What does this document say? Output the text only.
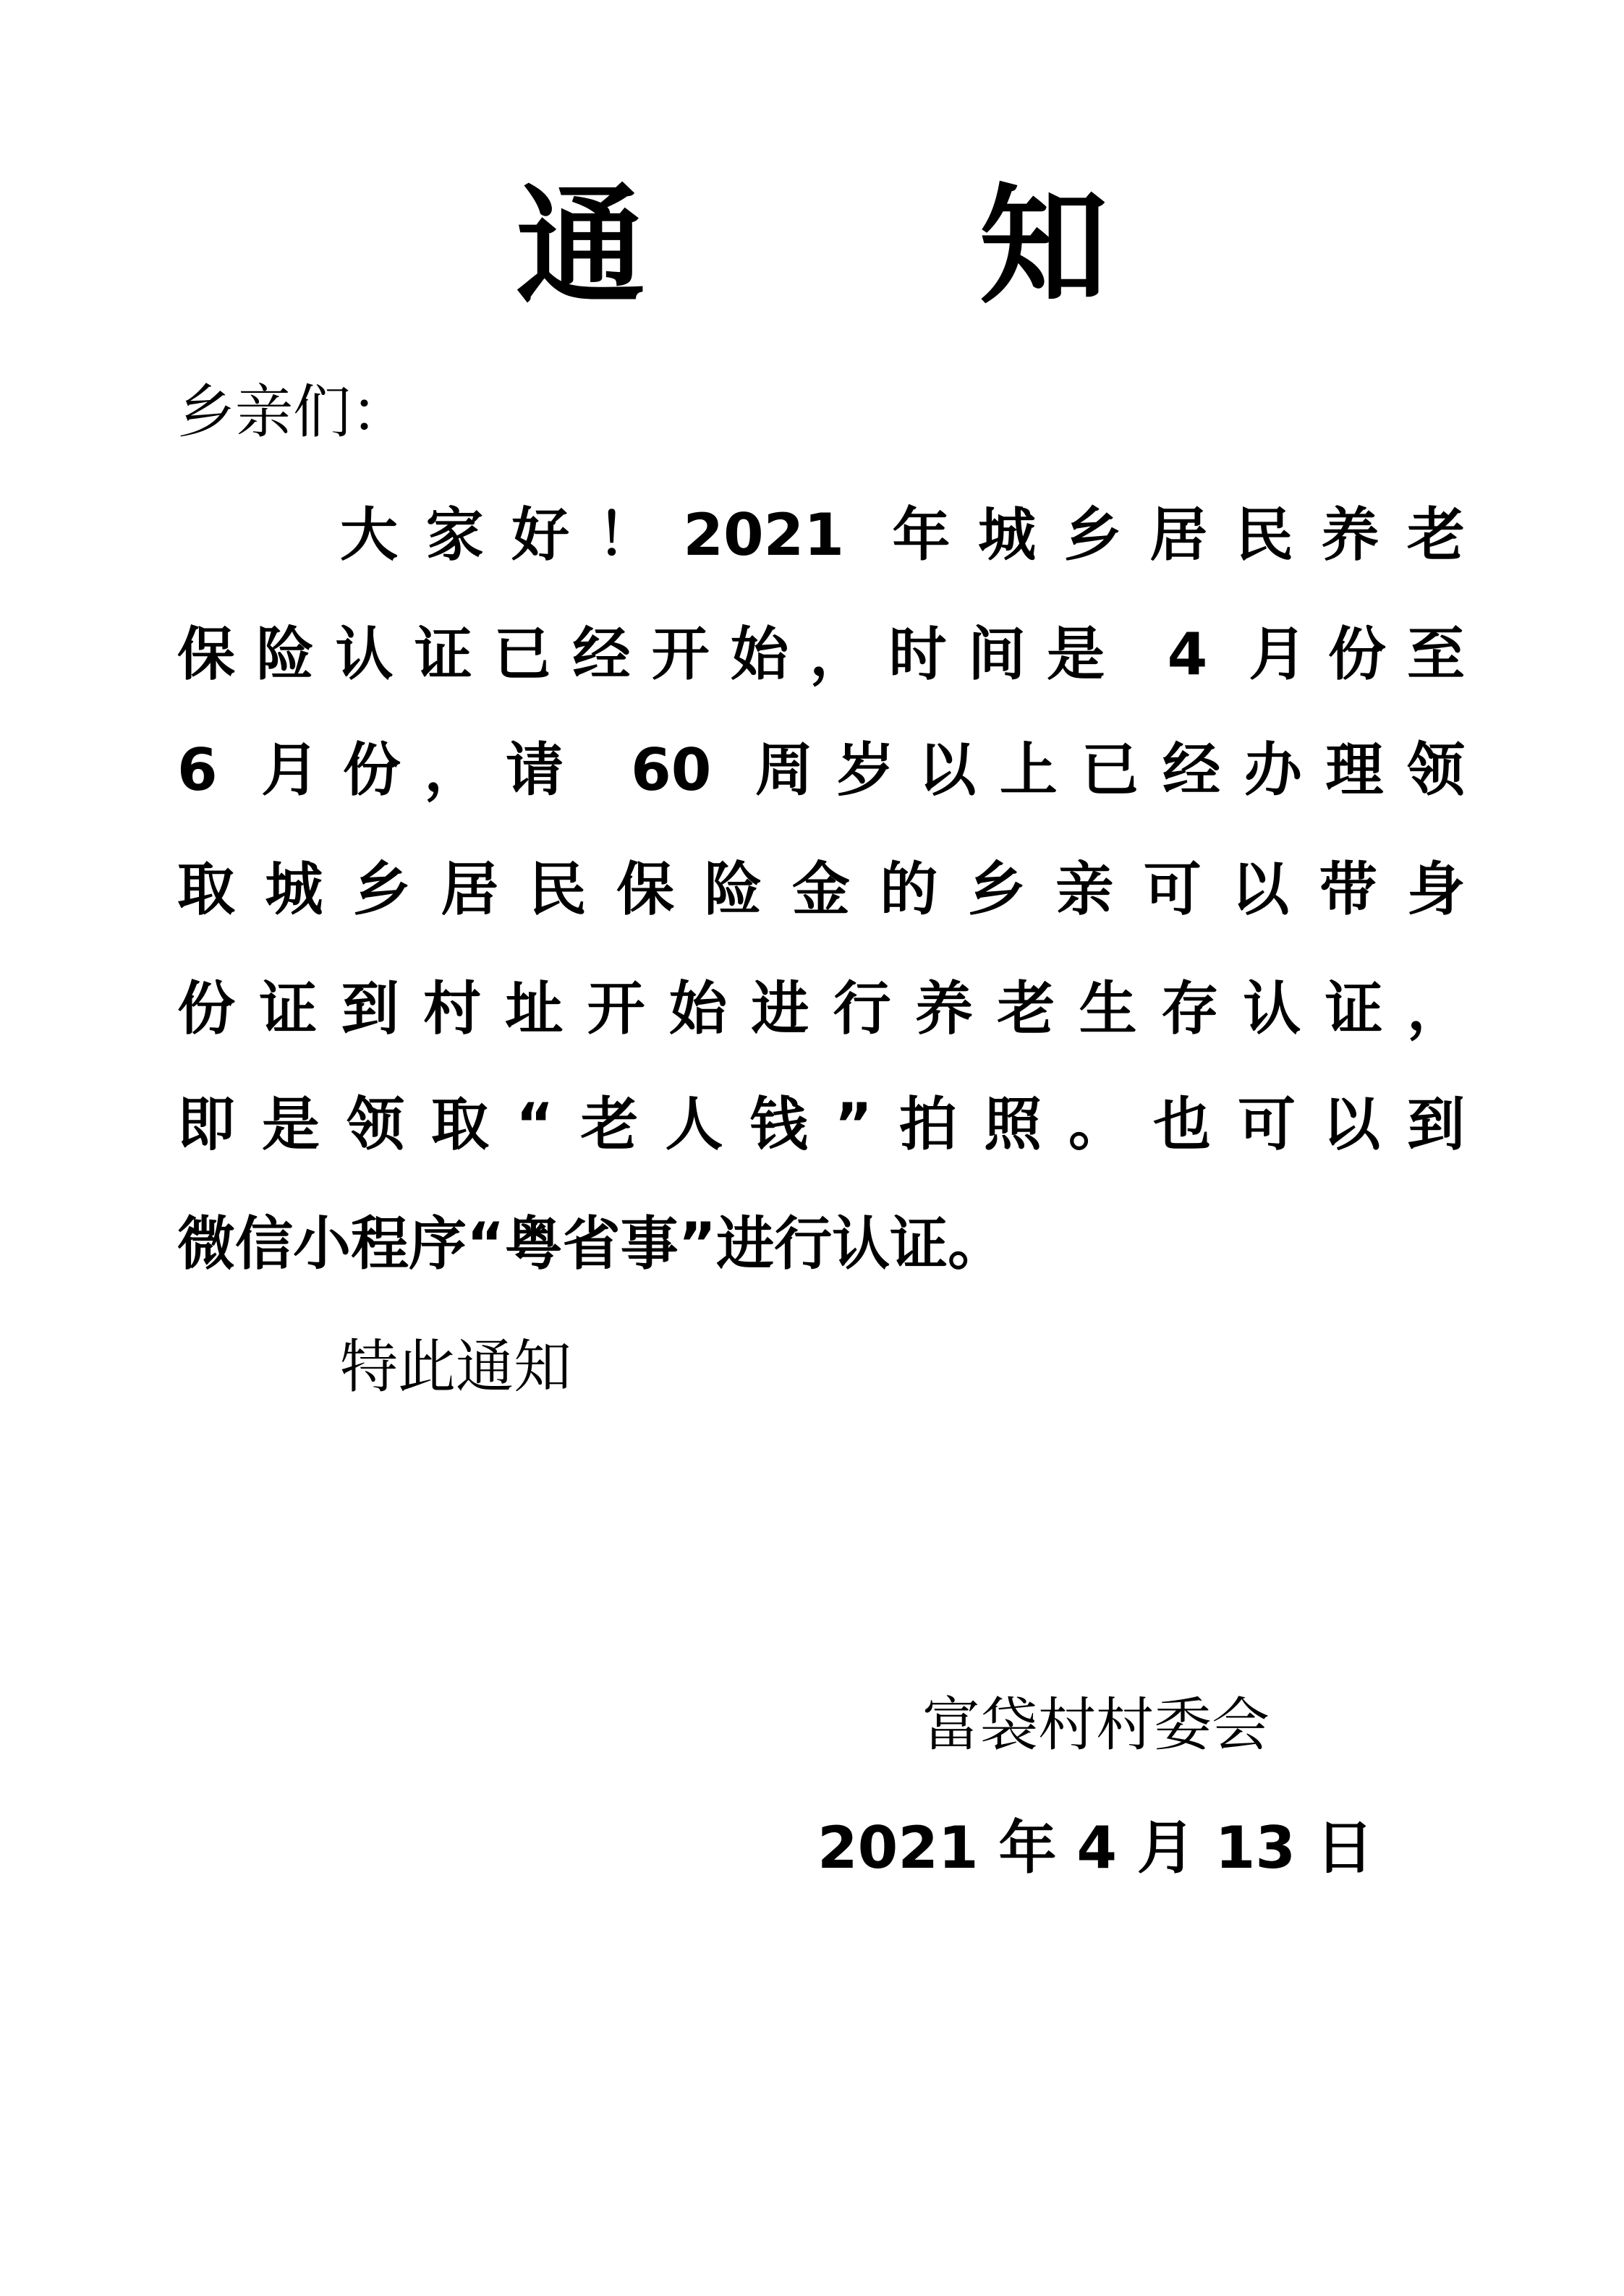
通 知
乡亲们：
大家好！2021 年城乡居民养老
保险认证已经开始，时间是 4 月份至
6 月份，请 60 周岁以上已经办理领
取城乡居民保险金的乡亲可以带身
份证到村址开始进行养老生存认证，
即是领取“老人钱”拍照。也可以到
微信小程序“粤省事”进行认证。
特此通知
富袋村村委会
2021 年 4 月 13 日
